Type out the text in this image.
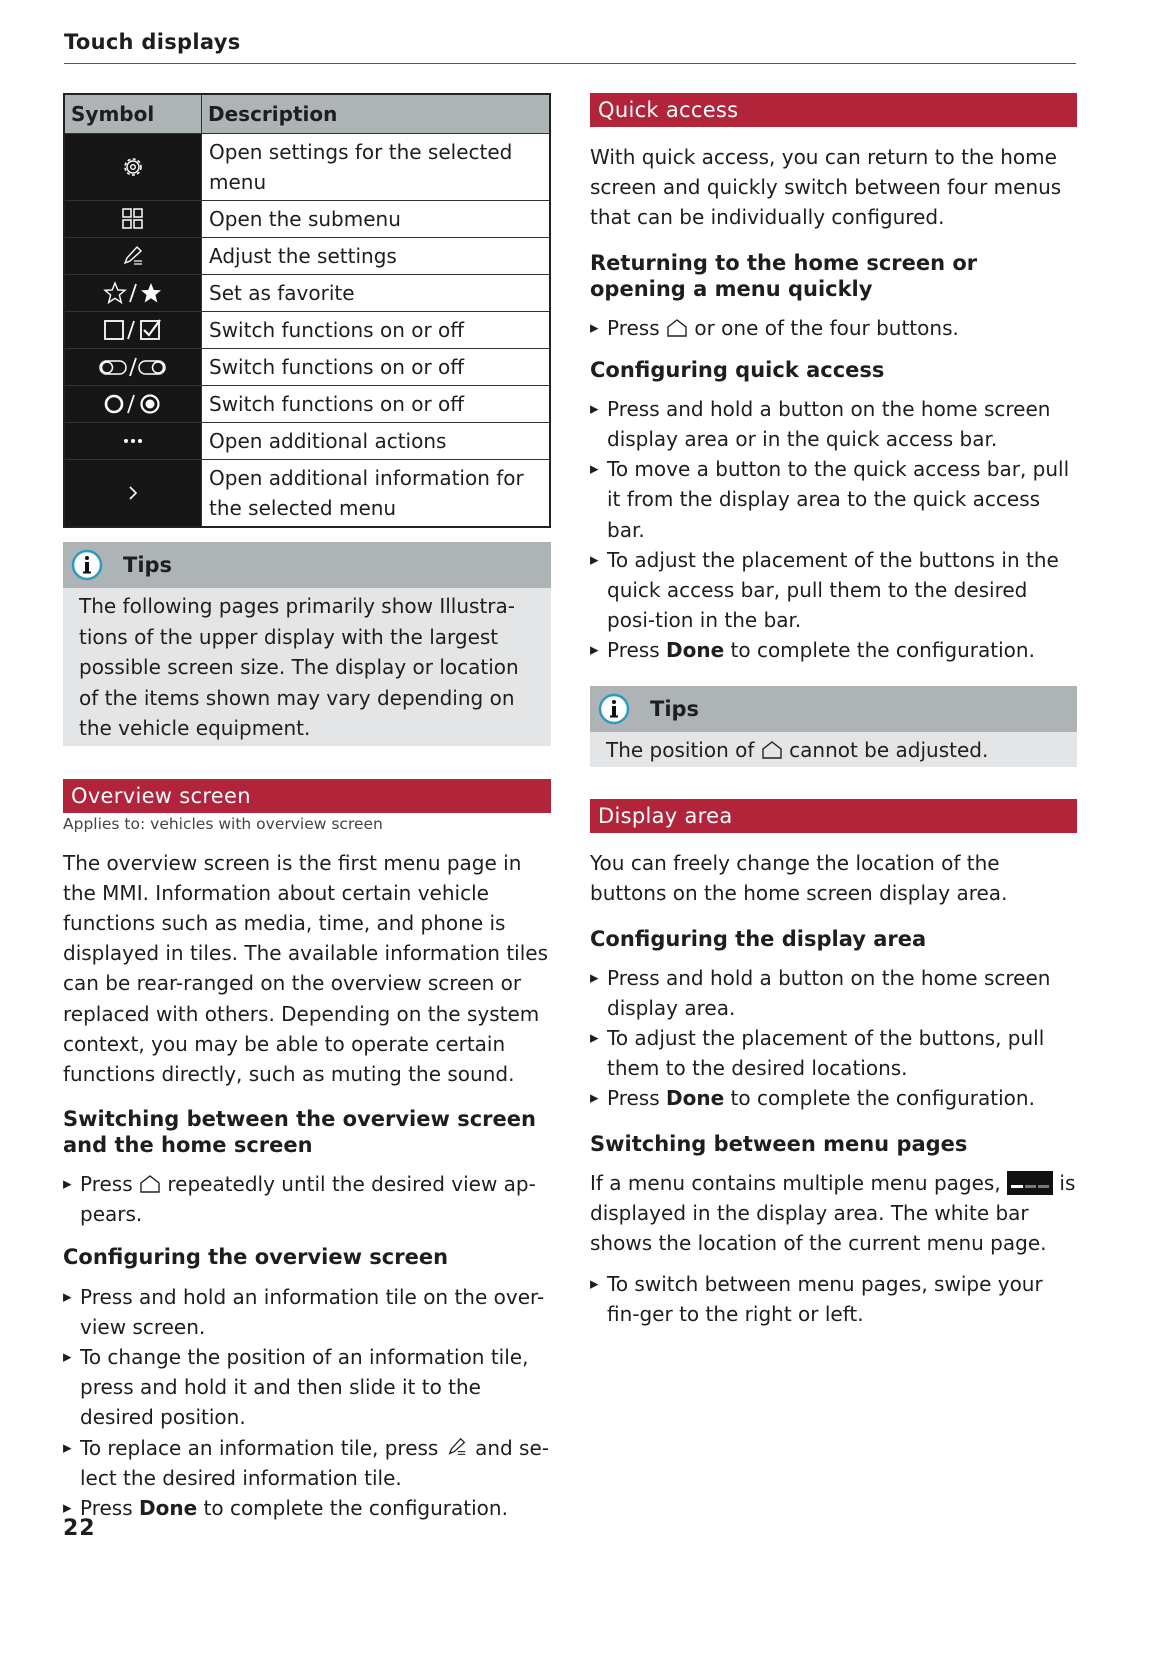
Touch displays
Symbol	Description
	Open settings for the selected menu
	Open the submenu
	Adjust the settings
	Set as favorite
	Switch functions on or off
	Switch functions on or off
	Switch functions on or off
	Open additional actions
	Open additional information for the selected menu
Tips
The following pages primarily show Illustra-tions of the upper display with the largest possible screen size. The display or location of the items shown may vary depending on the vehicle equipment.
Overview screen
Applies to: vehicles with overview screen

The overview screen is the first menu page in the MMI. Information about certain vehicle functions such as media, time, and phone is displayed in tiles. The available information tiles can be rear-ranged on the overview screen or replaced with others. Depending on the system context, you may be able to operate certain functions directly, such as muting the sound.

Switching between the overview screen and the home screen
▸ Press repeatedly until the desired view ap-pears.
Configuring the overview screen
▸ Press and hold an information tile on the over-view screen.
▸ To change the position of an information tile, press and hold it and then slide it to the desired position.
▸ To replace an information tile, press and se-lect the desired information tile.
▸ Press Done to complete the configuration.
Quick access

With quick access, you can return to the home screen and quickly switch between four menus that can be individually configured.

Returning to the home screen or opening a menu quickly
▸ Press or one of the four buttons.
Configuring quick access
▸ Press and hold a button on the home screen display area or in the quick access bar.
▸ To move a button to the quick access bar, pull it from the display area to the quick access bar.
▸ To adjust the placement of the buttons in the quick access bar, pull them to the desired posi-tion in the bar.
▸ Press Done to complete the configuration.
Tips
The position of cannot be adjusted.
Display area

You can freely change the location of the buttons on the home screen display area.

Configuring the display area
▸ Press and hold a button on the home screen display area.
▸ To adjust the placement of the buttons, pull them to the desired locations.
▸ Press Done to complete the configuration.
Switching between menu pages

If a menu contains multiple menu pages,	is displayed in the display area. The white bar shows the location of the current menu page.

▸ To switch between menu pages, swipe your fin-ger to the right or left.
22
